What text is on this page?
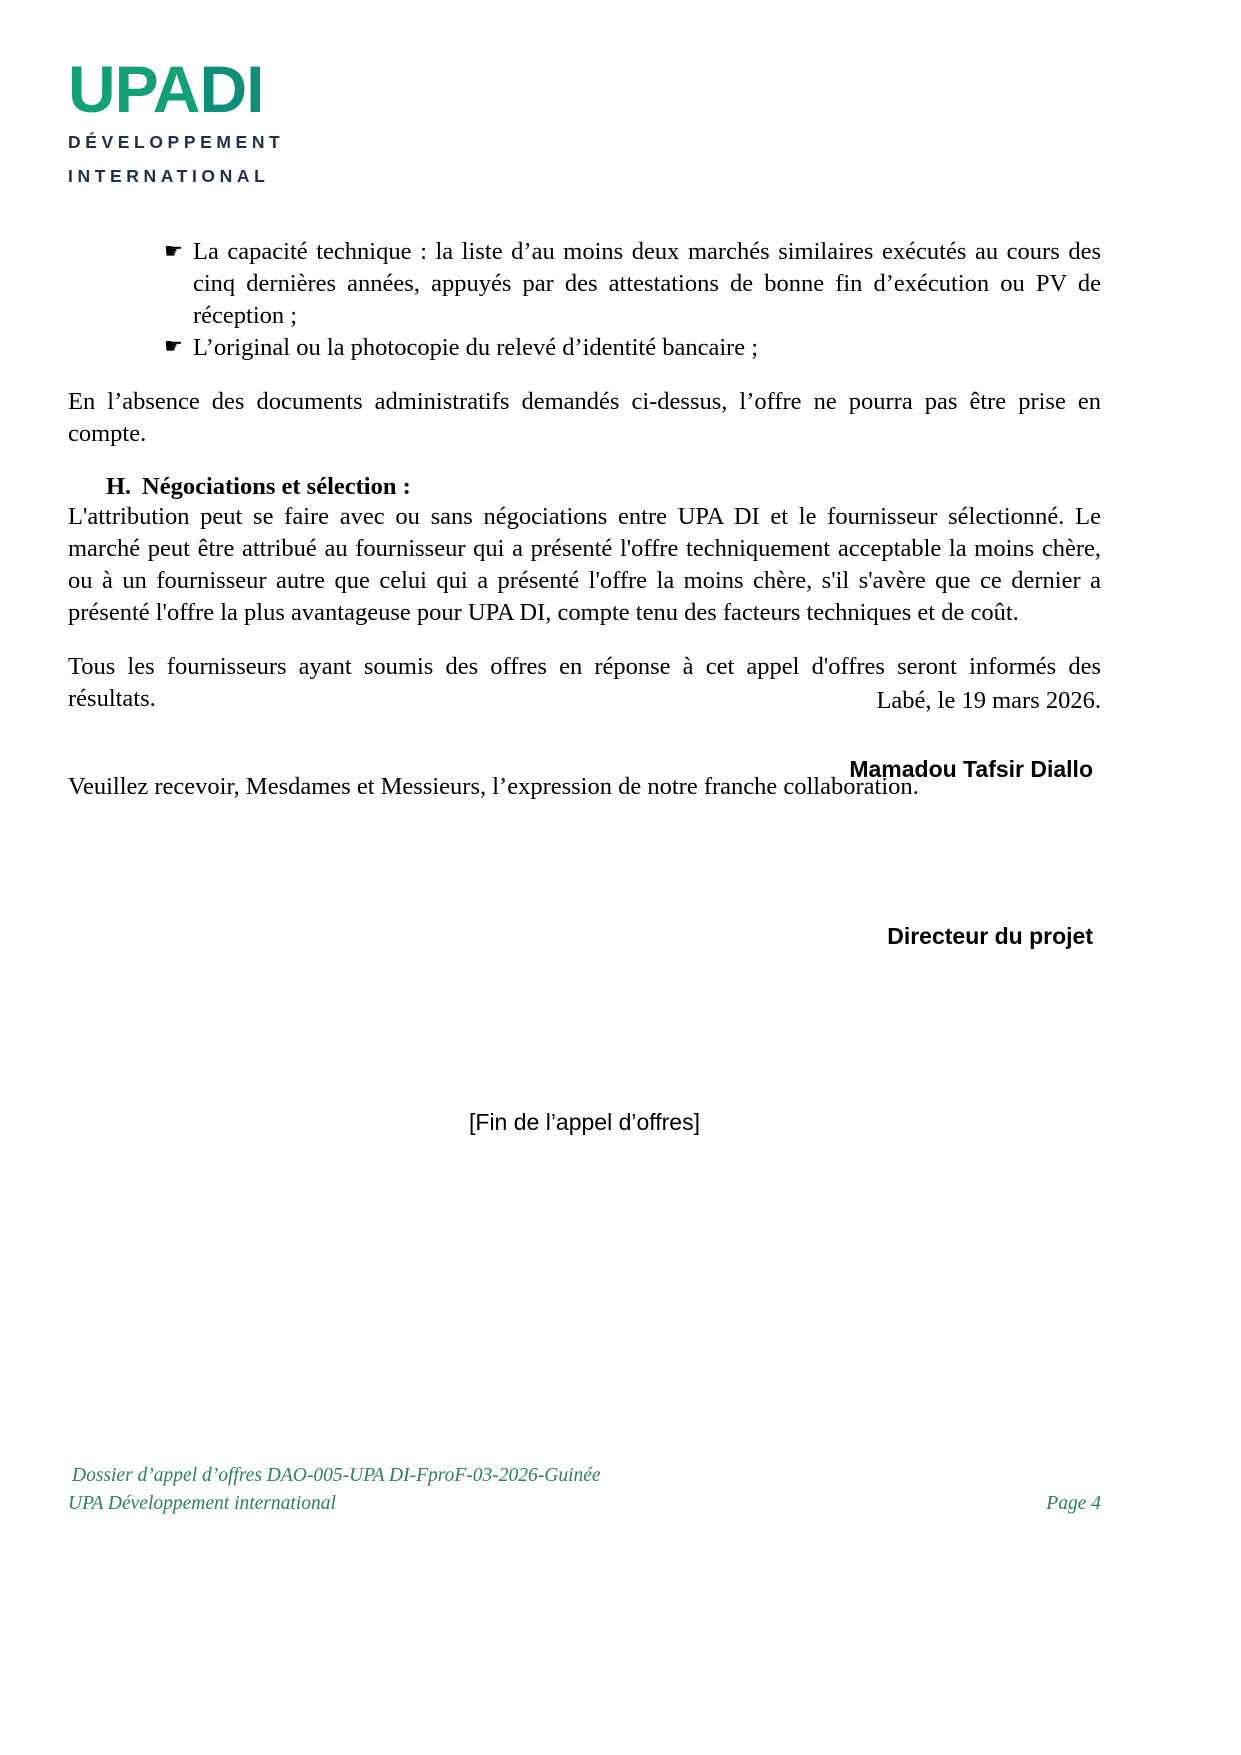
UPADI
DÉVELOPPEMENT
INTERNATIONAL
☛ La capacité technique : la liste d’au moins deux marchés similaires exécutés au cours des cinq dernières années, appuyés par des attestations de bonne fin d’exécution ou PV de réception ;
☛ L’original ou la photocopie du relevé d’identité bancaire ;

En l’absence des documents administratifs demandés ci-dessus, l’offre ne pourra pas être prise en compte.

H. Négociations et sélection :

L'attribution peut se faire avec ou sans négociations entre UPA DI et le fournisseur sélectionné. Le marché peut être attribué au fournisseur qui a présenté l'offre techniquement acceptable la moins chère, ou à un fournisseur autre que celui qui a présenté l'offre la moins chère, s'il s'avère que ce dernier a présenté l'offre la plus avantageuse pour UPA DI, compte tenu des facteurs techniques et de coût.

Tous les fournisseurs ayant soumis des offres en réponse à cet appel d'offres seront informés des résultats.

Veuillez recevoir, Mesdames et Messieurs, l’expression de notre franche collaboration.

Labé, le 19 mars 2026.
Mamadou Tafsir Diallo
Directeur du projet
[Fin de l’appel d’offres]
Dossier d’appel d’offres DAO-005-UPA DI-FproF-03-2026-Guinée
UPA Développement international	Page 4
